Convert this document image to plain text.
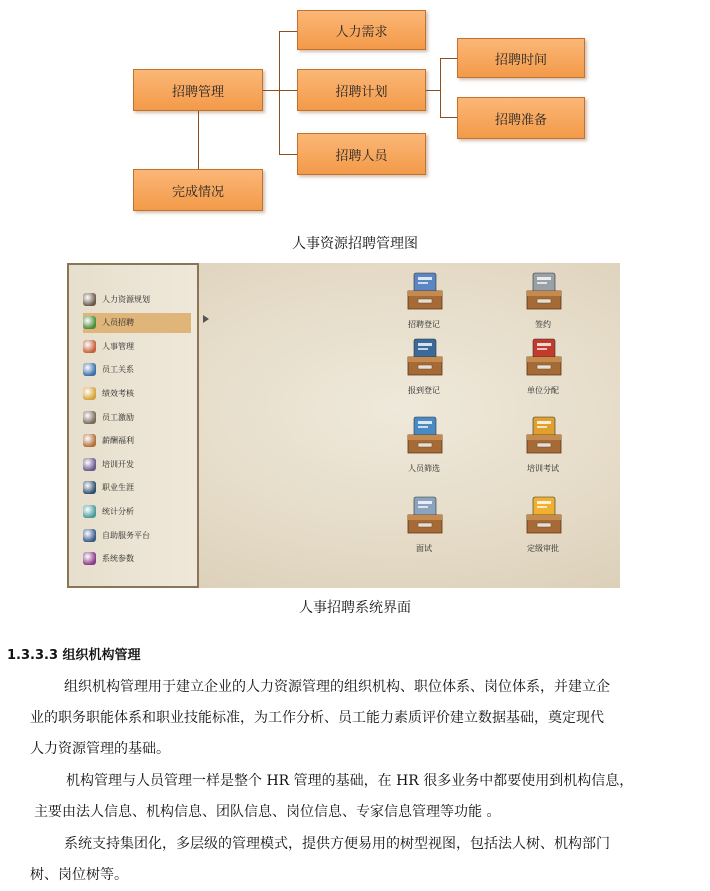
招聘管理
人力需求
招聘计划
招聘人员
招聘时间
招聘准备
完成情况
人事资源招聘管理图
人力资源规划
人员招聘
人事管理
员工关系
绩效考核
员工激励
薪酬福利
培训开发
职业生涯
统计分析
自助服务平台
系统参数
招聘登记	签约
报到登记	单位分配
人员筛选	培训考试
面试	定级审批
人事招聘系统界面
1.3.3.3 组织机构管理
组织机构管理用于建立企业的人力资源管理的组织机构、职位体系、岗位体系，并建立企
业的职务职能体系和职业技能标准，为工作分析、员工能力素质评价建立数据基础，奠定现代
人力资源管理的基础。
机构管理与人员管理一样是整个 HR 管理的基础，在 HR 很多业务中都要使用到机构信息，
主要由法人信息、机构信息、团队信息、岗位信息、专家信息管理等功能 。
系统支持集团化，多层级的管理模式，提供方便易用的树型视图，包括法人树、机构部门
树、岗位树等。
